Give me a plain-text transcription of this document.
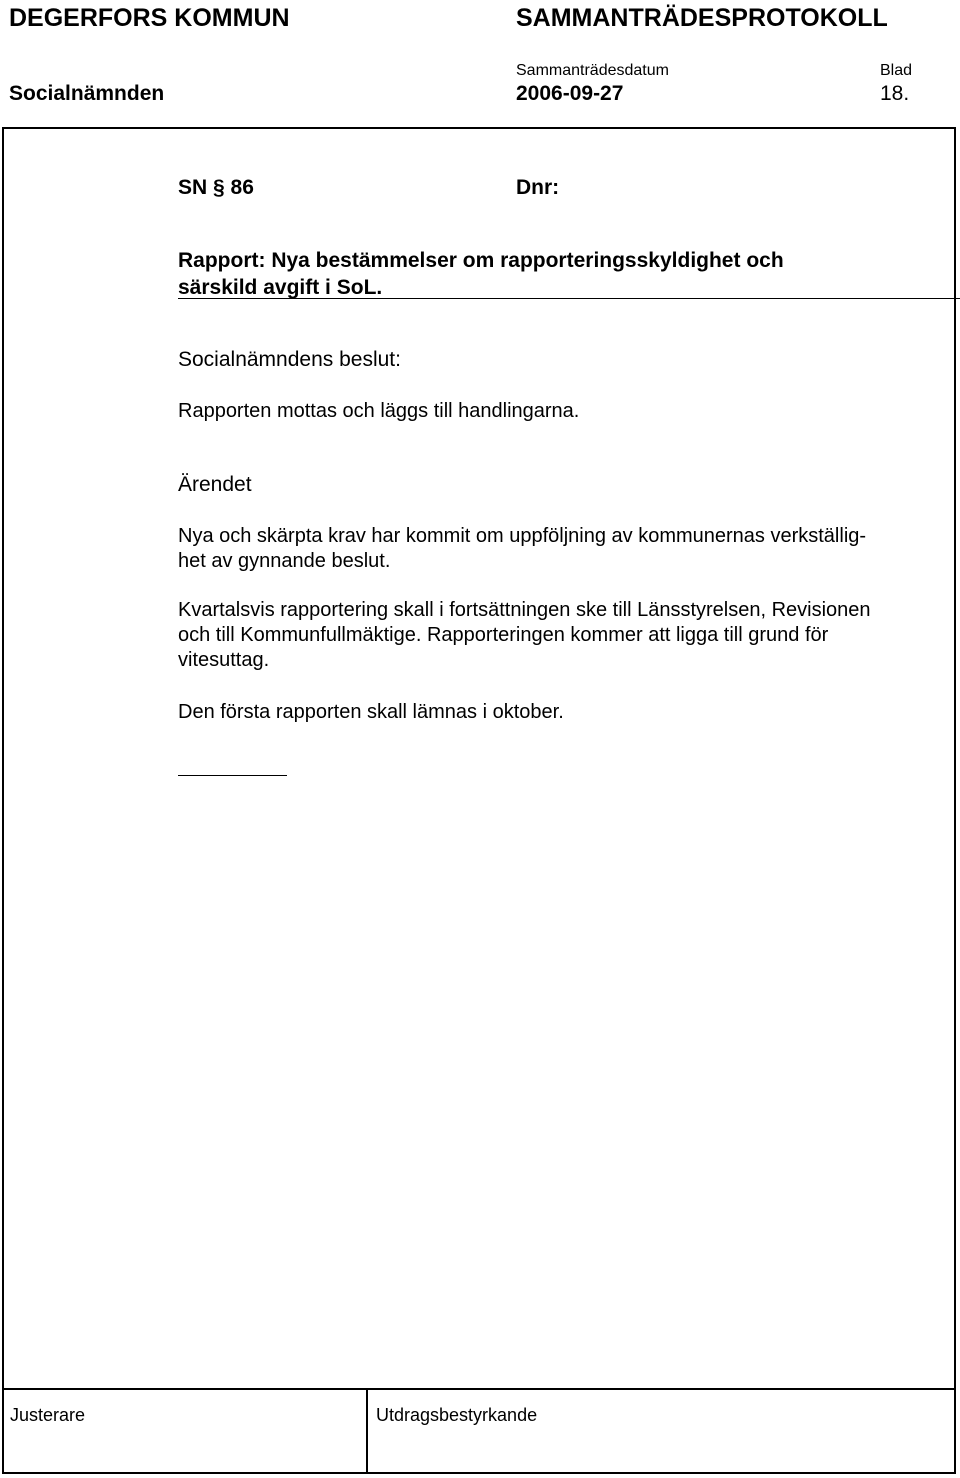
DEGERFORS KOMMUN	SAMMANTRÄDESPROTOKOLL
Sammanträdesdatum	Blad
Socialnämnden	2006-09-27	18.
SN § 86	Dnr:
Rapport: Nya bestämmelser om rapporteringsskyldighet och
särskild avgift i SoL.
Socialnämndens beslut:
Rapporten mottas och läggs till handlingarna.
Ärendet
Nya och skärpta krav har kommit om uppföljning av kommunernas verkställig-
het av gynnande beslut.
Kvartalsvis rapportering skall i fortsättningen ske till Länsstyrelsen, Revisionen
och till Kommunfullmäktige. Rapporteringen kommer att ligga till grund för
vitesuttag.
Den första rapporten skall lämnas i oktober.
Justerare	Utdragsbestyrkande
